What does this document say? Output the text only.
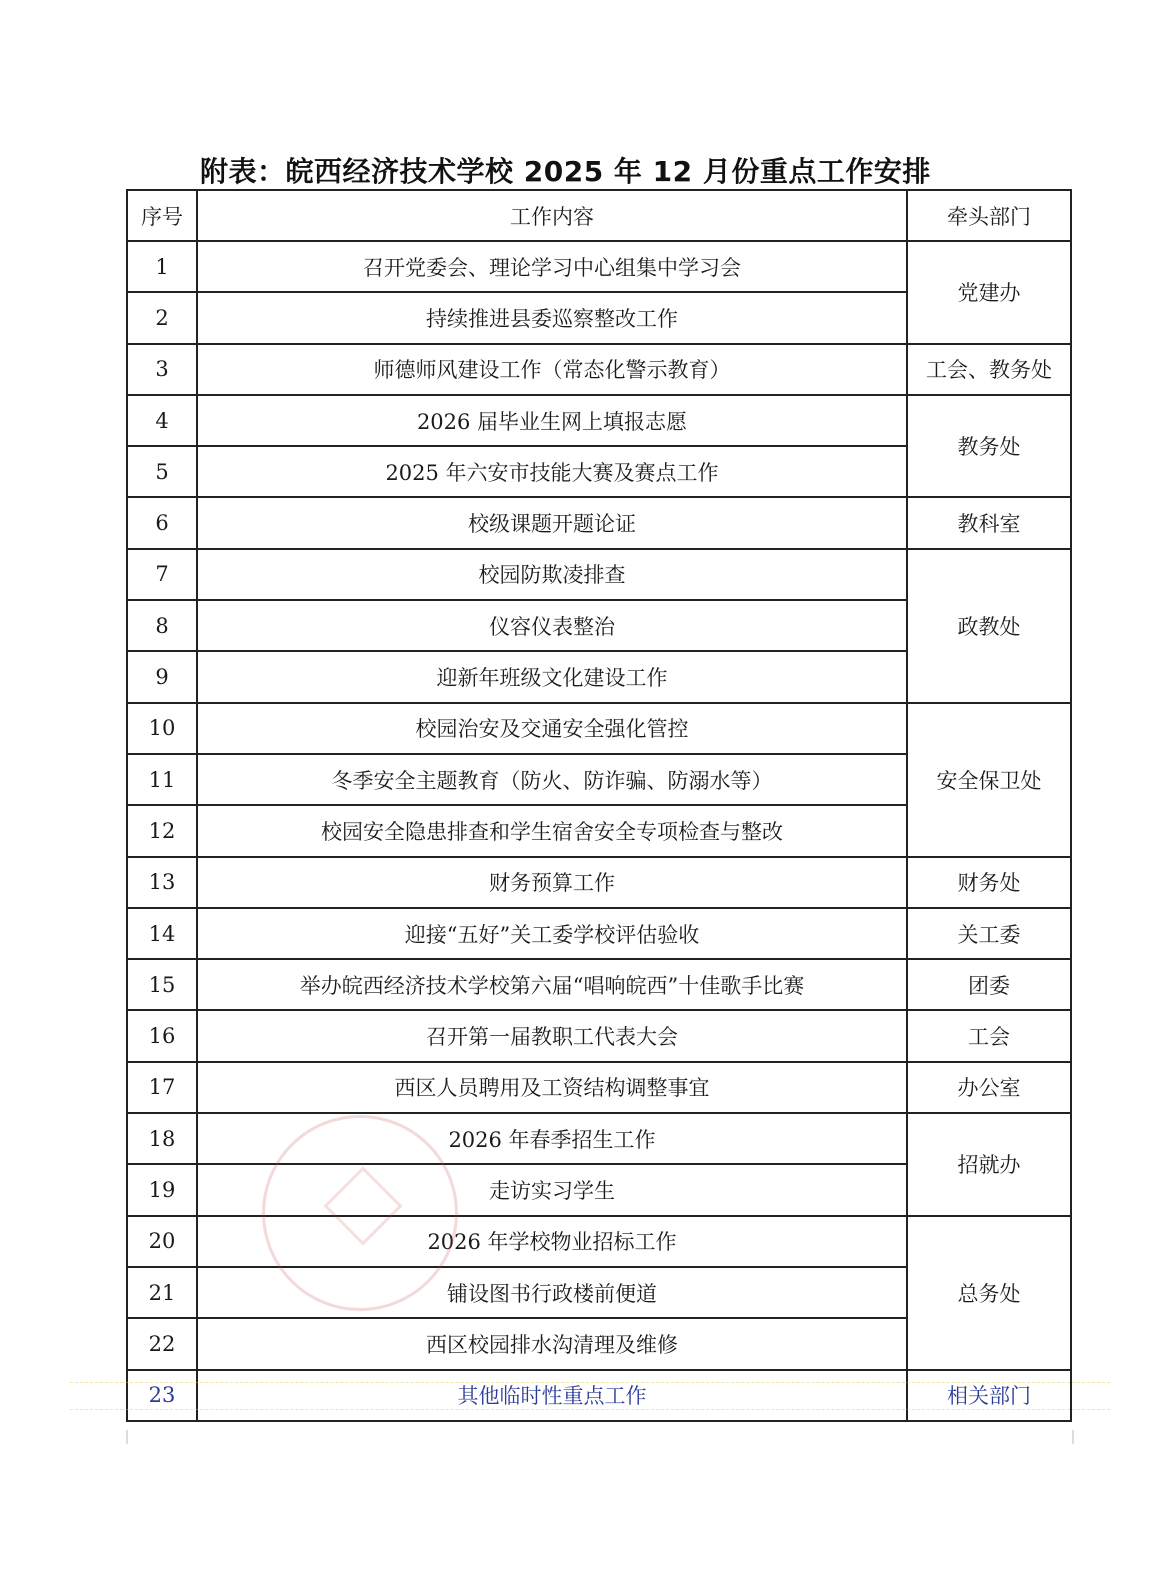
附表：皖西经济技术学校 2025 年 12 月份重点工作安排
序号	工作内容	牵头部门
1	召开党委会、理论学习中心组集中学习会	党建办
2	持续推进县委巡察整改工作	
3	师德师风建设工作（常态化警示教育）	工会、教务处
4	2026 届毕业生网上填报志愿	教务处
5	2025 年六安市技能大赛及赛点工作	
6	校级课题开题论证	教科室
7	校园防欺凌排查	政教处
8	仪容仪表整治	
9	迎新年班级文化建设工作	
10	校园治安及交通安全强化管控	安全保卫处
11	冬季安全主题教育（防火、防诈骗、防溺水等）	
12	校园安全隐患排查和学生宿舍安全专项检查与整改	
13	财务预算工作	财务处
14	迎接“五好”关工委学校评估验收	关工委
15	举办皖西经济技术学校第六届“唱响皖西”十佳歌手比赛	团委
16	召开第一届教职工代表大会	工会
17	西区人员聘用及工资结构调整事宜	办公室
18	2026 年春季招生工作	招就办
19	走访实习学生	
20	2026 年学校物业招标工作	总务处
21	铺设图书行政楼前便道	
22	西区校园排水沟清理及维修	
23	其他临时性重点工作	相关部门
